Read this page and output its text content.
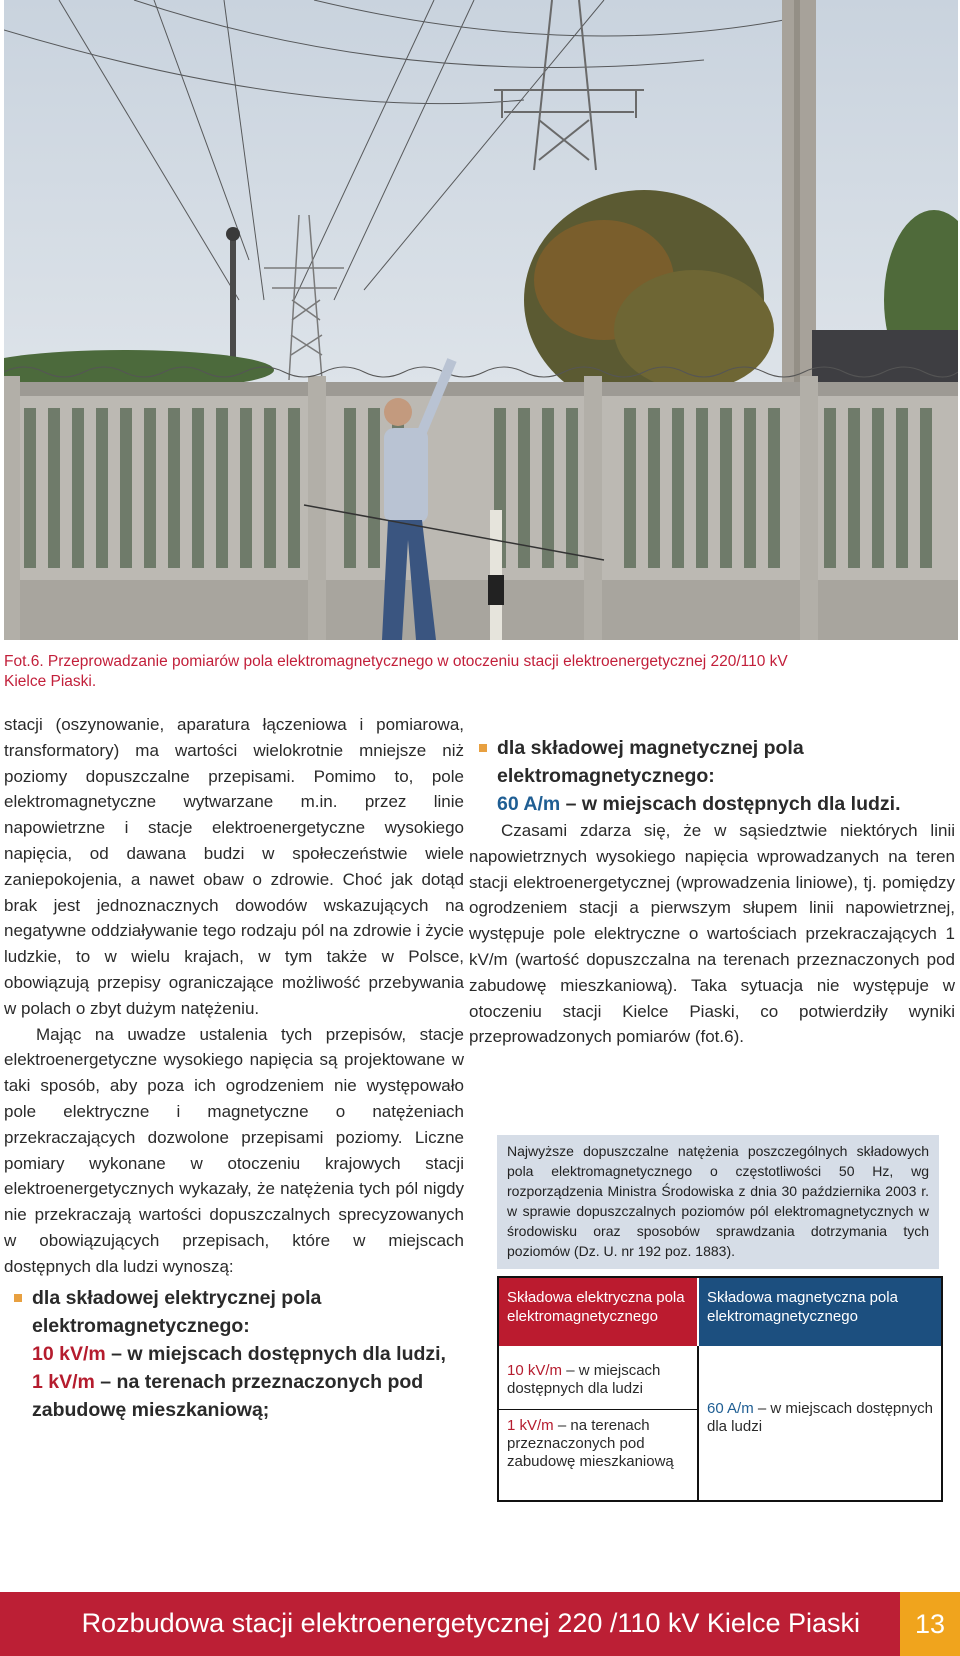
Fot.6. Przeprowadzanie pomiarów pola elektromagnetycznego w otoczeniu stacji elektroenergetycznej 220/110 kV
Kielce Piaski.

stacji (oszynowanie, aparatura łączeniowa i pomiarowa, transformatory) ma wartości wielokrotnie mniejsze niż poziomy dopuszczalne przepisami. Pomimo to, pole elektromagnetyczne wytwarzane m.in. przez linie napowietrzne i stacje elektroenergetyczne wysokiego napięcia, od dawana budzi w społeczeństwie wiele zaniepokojenia, a nawet obaw o zdrowie. Choć jak dotąd brak jest jednoznacznych dowodów wskazujących na negatywne oddziaływanie tego rodzaju pól na zdrowie i życie ludzkie, to w wielu krajach, w tym także w Polsce, obowiązują przepisy ograniczające możliwość przebywania w polach o zbyt dużym natężeniu.

Mając na uwadze ustalenia tych przepisów, stacje elektroenergetyczne wysokiego napięcia są projektowane w taki sposób, aby poza ich ogrodzeniem nie występowało pole elektryczne i magnetyczne o natężeniach przekraczających dozwolone przepisami poziomy. Liczne pomiary wykonane w otoczeniu krajowych stacji elektroenergetycznych wykazały, że natężenia tych pól nigdy nie przekraczają wartości dopuszczalnych sprecyzowanych w obowiązujących przepisach, które w miejscach dostępnych dla ludzi wynoszą:

dla składowej elektrycznej pola elektromagnetycznego:
10 kV/m – w miejscach dostępnych dla ludzi,
1 kV/m – na terenach przeznaczonych pod zabudowę mieszkaniową;
dla składowej magnetycznej pola elektromagnetycznego:
60 A/m – w miejscach dostępnych dla ludzi.

Czasami zdarza się, że w sąsiedztwie niektórych linii napowietrznych wysokiego napięcia wprowadzanych na teren stacji elektroenergetycznej (wprowadzenia liniowe), tj. pomiędzy ogrodzeniem stacji a pierwszym słupem linii napowietrznej, występuje pole elektryczne o wartościach przekraczających 1 kV/m (wartość dopuszczalna na terenach przeznaczonych pod zabudowę mieszkaniową). Taka sytuacja nie występuje w otoczeniu stacji Kielce Piaski, co potwierdziły wyniki przeprowadzonych pomiarów (fot.6).

Najwyższe dopuszczalne natężenia poszczególnych składowych pola elektromagnetycznego o częstotliwości 50 Hz, wg rozporządzenia Ministra Środowiska z dnia 30 października 2003 r. w sprawie dopuszczalnych poziomów pól elektromagnetycznych w środowisku oraz sposobów sprawdzania dotrzymania tych poziomów (Dz. U. nr 192 poz. 1883).
Składowa elektryczna pola elektromagnetycznego
Składowa magnetyczna pola elektromagnetycznego
10 kV/m – w miejscach dostępnych dla ludzi
1 kV/m – na terenach przeznaczonych pod zabudowę mieszkaniową
60 A/m – w miejscach dostępnych dla ludzi
Rozbudowa stacji elektroenergetycznej 220 /110 kV Kielce Piaski	13
